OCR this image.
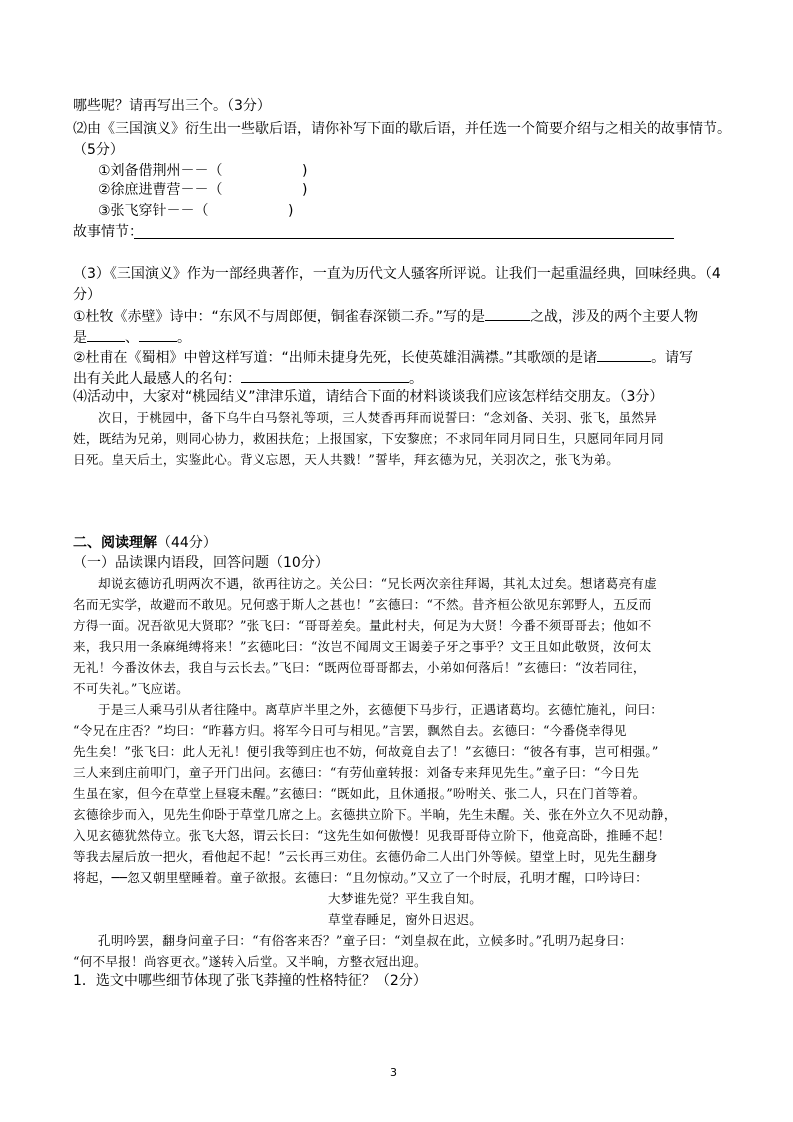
哪些呢？请再写出三个。（3分）
⑵由《三国演义》衍生出一些歇后语，请你补写下面的歇后语，并任选一个简要介绍与之相关的故事情节。
（5分）
①刘备借荆州－－（	)
②徐庶进曹营－－（	)
③张飞穿针－－（	)
故事情节：
（3）《三国演义》作为一部经典著作，一直为历代文人骚客所评说。让我们一起重温经典，回味经典。（4
分）
①杜牧《赤壁》诗中：“东风不与周郎便，铜雀春深锁二乔。”写的是	之战，涉及的两个主要人物
是	、	。
②杜甫在《蜀相》中曾这样写道：“出师未捷身先死，长使英雄泪满襟。”其歌颂的是诸	。请写
出有关此人最感人的名句：	。
⑷活动中，大家对“桃园结义”津津乐道，请结合下面的材料谈谈我们应该怎样结交朋友。（3分）
次日，于桃园中，备下乌牛白马祭礼等项，三人焚香再拜而说誓曰：“念刘备、关羽、张飞，虽然异
姓，既结为兄弟，则同心协力，救困扶危；上报国家，下安黎庶；不求同年同月同日生，只愿同年同月同
日死。皇天后土，实鉴此心。背义忘恩，天人共戮！”誓毕，拜玄德为兄，关羽次之，张飞为弟。
二、阅读理解（44分）
（一）品读课内语段，回答问题（10分）
却说玄德访孔明两次不遇，欲再往访之。关公曰：“兄长两次亲往拜谒，其礼太过矣。想诸葛亮有虚
名而无实学，故避而不敢见。兄何惑于斯人之甚也！”玄德曰：“不然。昔齐桓公欲见东郭野人，五反而
方得一面。况吾欲见大贤耶？”张飞曰：“哥哥差矣。量此村夫，何足为大贤！今番不须哥哥去；他如不
来，我只用一条麻绳缚将来！”玄德叱曰：“汝岂不闻周文王谒姜子牙之事乎？文王且如此敬贤，汝何太
无礼！今番汝休去，我自与云长去。”飞曰：“既两位哥哥都去，小弟如何落后！”玄德曰：“汝若同往，
不可失礼。”飞应诺。
于是三人乘马引从者往隆中。离草庐半里之外，玄德便下马步行，正遇诸葛均。玄德忙施礼，问曰：
“令兄在庄否？”均曰：“昨暮方归。将军今日可与相见。”言罢，飘然自去。玄德曰：“今番侥幸得见
先生矣！”张飞曰：此人无礼！便引我等到庄也不妨，何故竟自去了！”玄德曰：“彼各有事，岂可相强。”
三人来到庄前叩门，童子开门出问。玄德曰：“有劳仙童转报：刘备专来拜见先生。”童子曰：“今日先
生虽在家，但今在草堂上昼寝未醒。”玄德曰：“既如此，且休通报。”吩咐关、张二人，只在门首等着。
玄德徐步而入，见先生仰卧于草堂几席之上。玄德拱立阶下。半晌，先生未醒。关、张在外立久不见动静，
入见玄德犹然侍立。张飞大怒，谓云长曰：“这先生如何傲慢！见我哥哥侍立阶下，他竟高卧，推睡不起！
等我去屋后放一把火，看他起不起！”云长再三劝住。玄德仍命二人出门外等候。望堂上时，见先生翻身
将起，──忽又朝里壁睡着。童子欲报。玄德曰：“且勿惊动。”又立了一个时辰，孔明才醒，口吟诗曰：
大梦谁先觉？平生我自知。
草堂春睡足，窗外日迟迟。
孔明吟罢，翻身问童子曰：“有俗客来否？”童子曰：“刘皇叔在此，立候多时。”孔明乃起身曰：
“何不早报！尚容更衣。”遂转入后堂。又半晌，方整衣冠出迎。
1．选文中哪些细节体现了张飞莽撞的性格特征？（2分）
3
